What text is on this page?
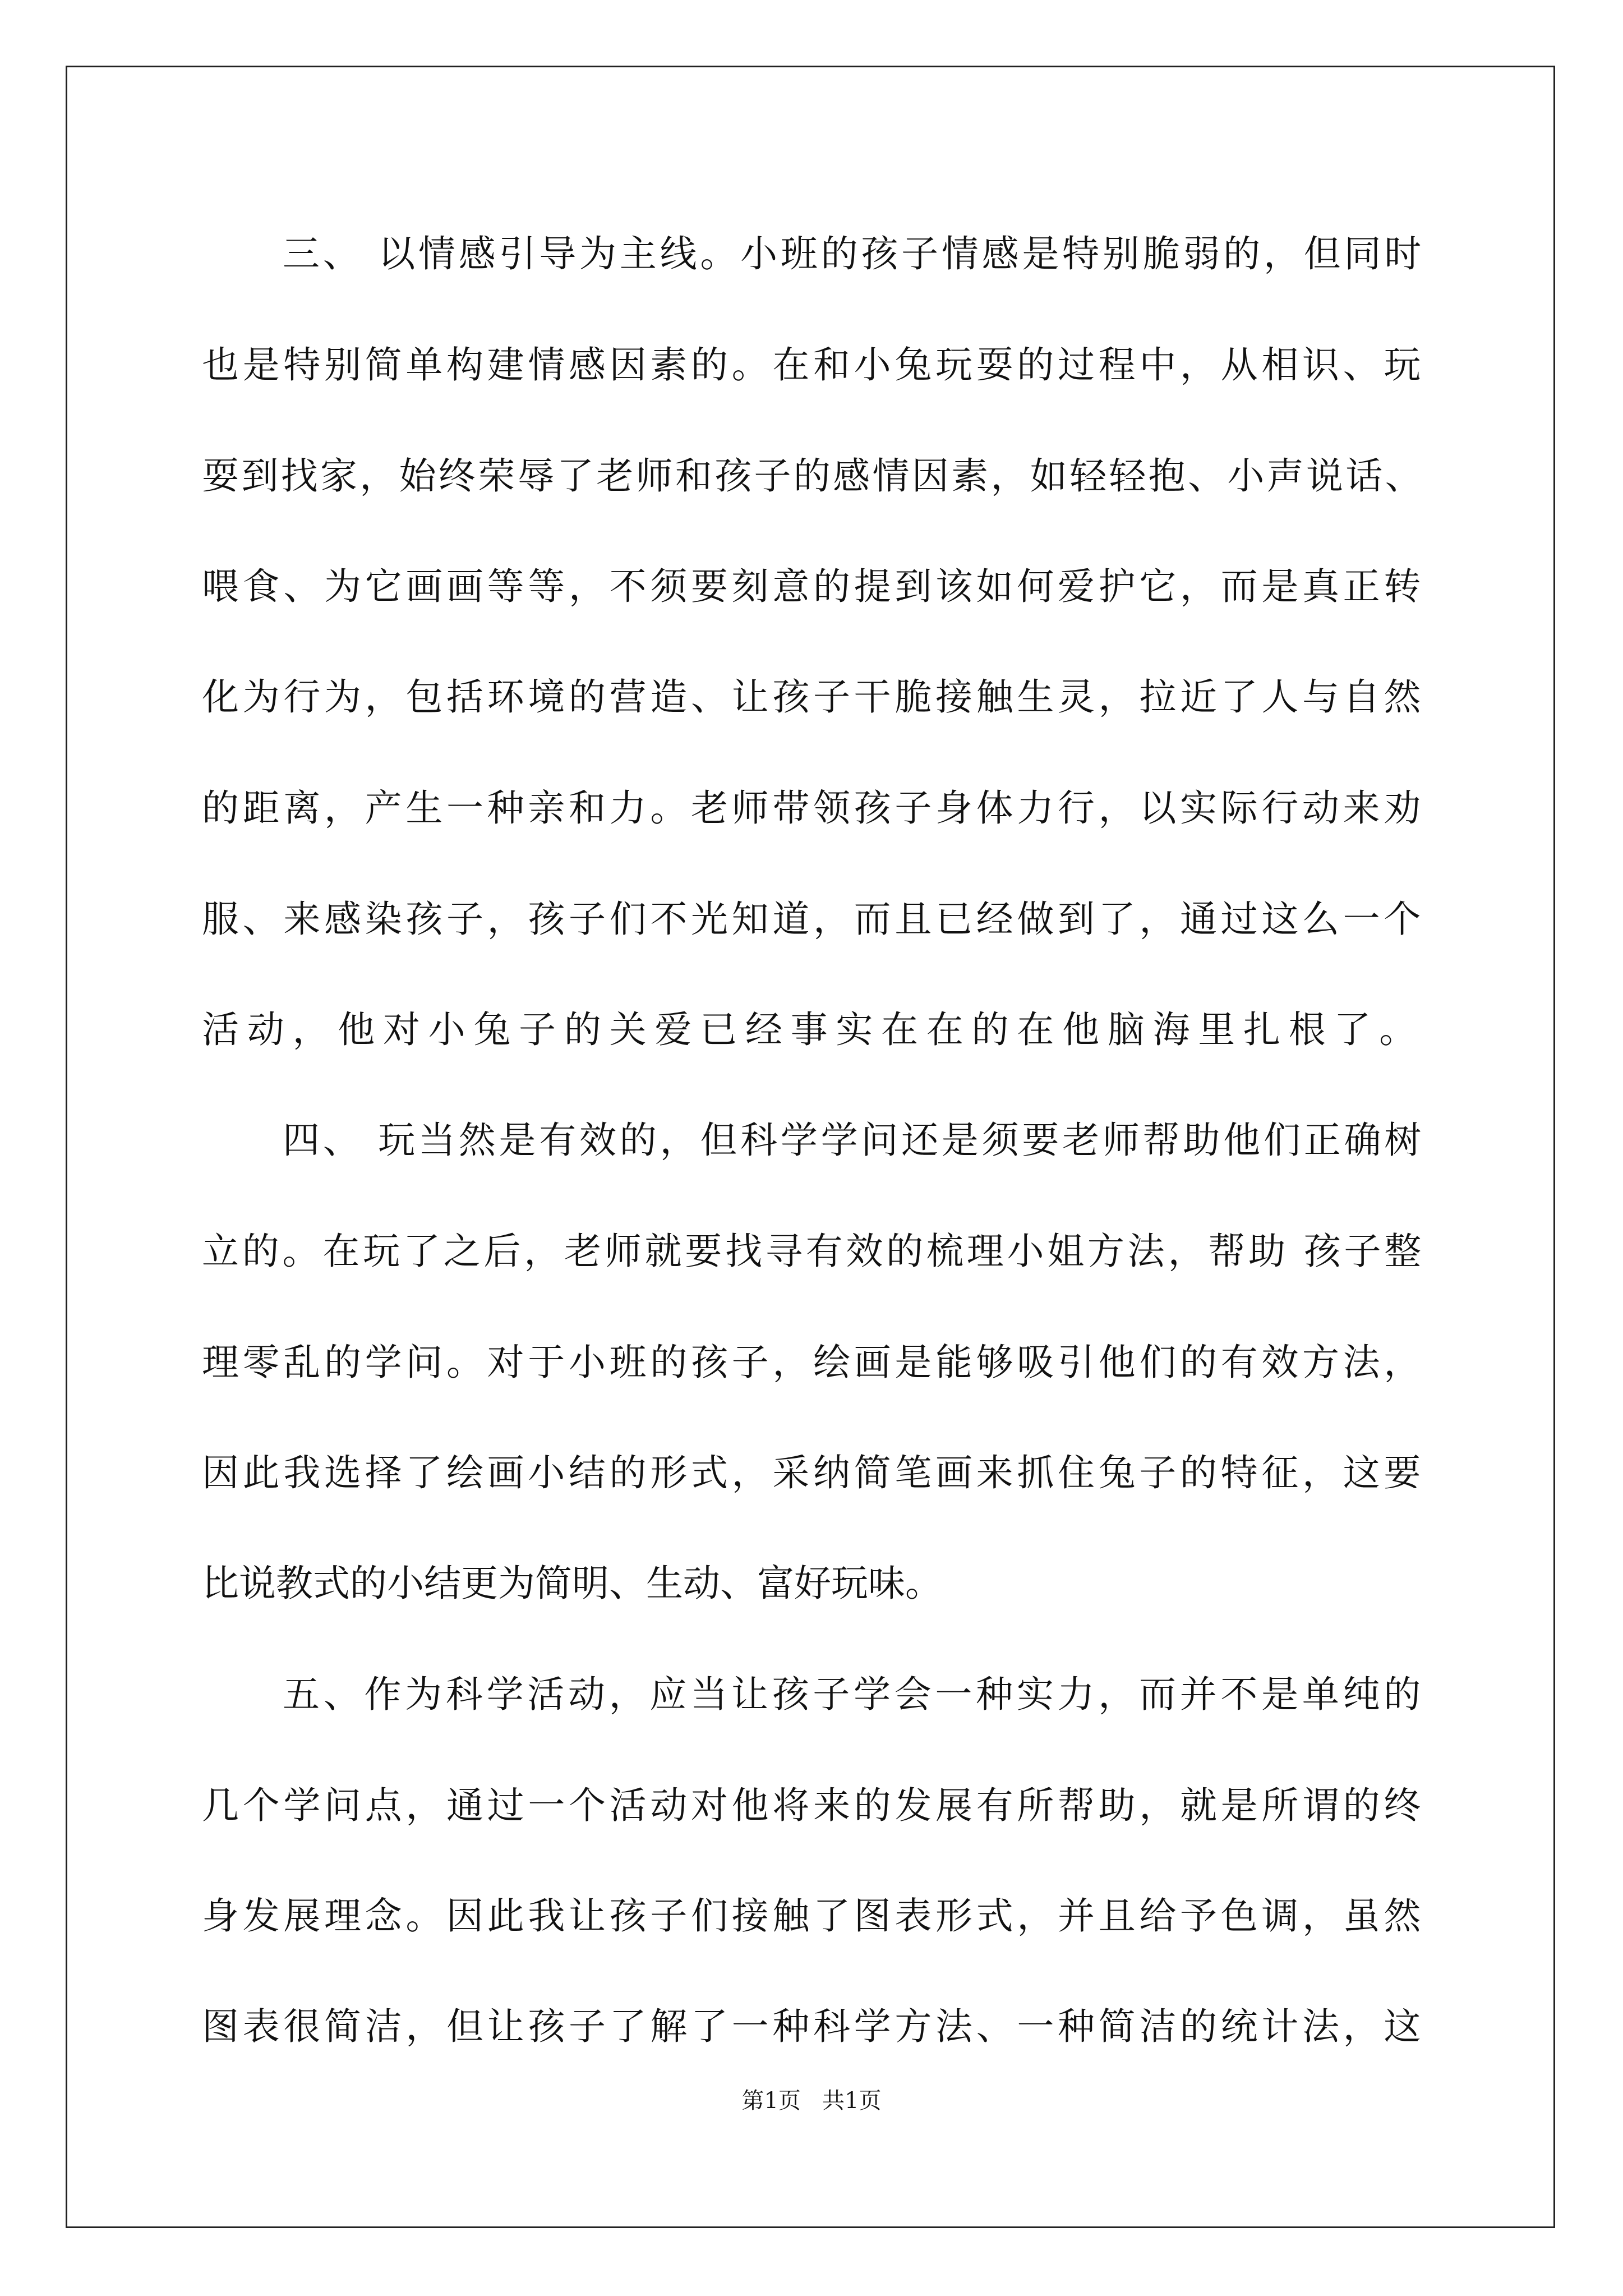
三、 以情感引导为主线。小班的孩子情感是特别脆弱的，但同时

也是特别简单构建情感因素的。在和小兔玩耍的过程中，从相识、玩

耍到找家，始终荣辱了老师和孩子的感情因素，如轻轻抱、小声说话、

喂食、为它画画等等，不须要刻意的提到该如何爱护它，而是真正转

化为行为，包括环境的营造、让孩子干脆接触生灵，拉近了人与自然

的距离，产生一种亲和力。老师带领孩子身体力行，以实际行动来劝

服、来感染孩子，孩子们不光知道，而且已经做到了，通过这么一个

活动，他对小兔子的关爱已经事实在在的在他脑海里扎根了。

四、 玩当然是有效的，但科学学问还是须要老师帮助他们正确树

立的。在玩了之后，老师就要找寻有效的梳理小姐方法，帮助 孩子整

理零乱的学问。对于小班的孩子，绘画是能够吸引他们的有效方法，

因此我选择了绘画小结的形式，采纳简笔画来抓住兔子的特征，这要

比说教式的小结更为简明、生动、富好玩味。

五、作为科学活动，应当让孩子学会一种实力，而并不是单纯的

几个学问点，通过一个活动对他将来的发展有所帮助，就是所谓的终

身发展理念。因此我让孩子们接触了图表形式，并且给予色调，虽然

图表很简洁，但让孩子了解了一种科学方法、一种简洁的统计法，这

第1页   共1页
